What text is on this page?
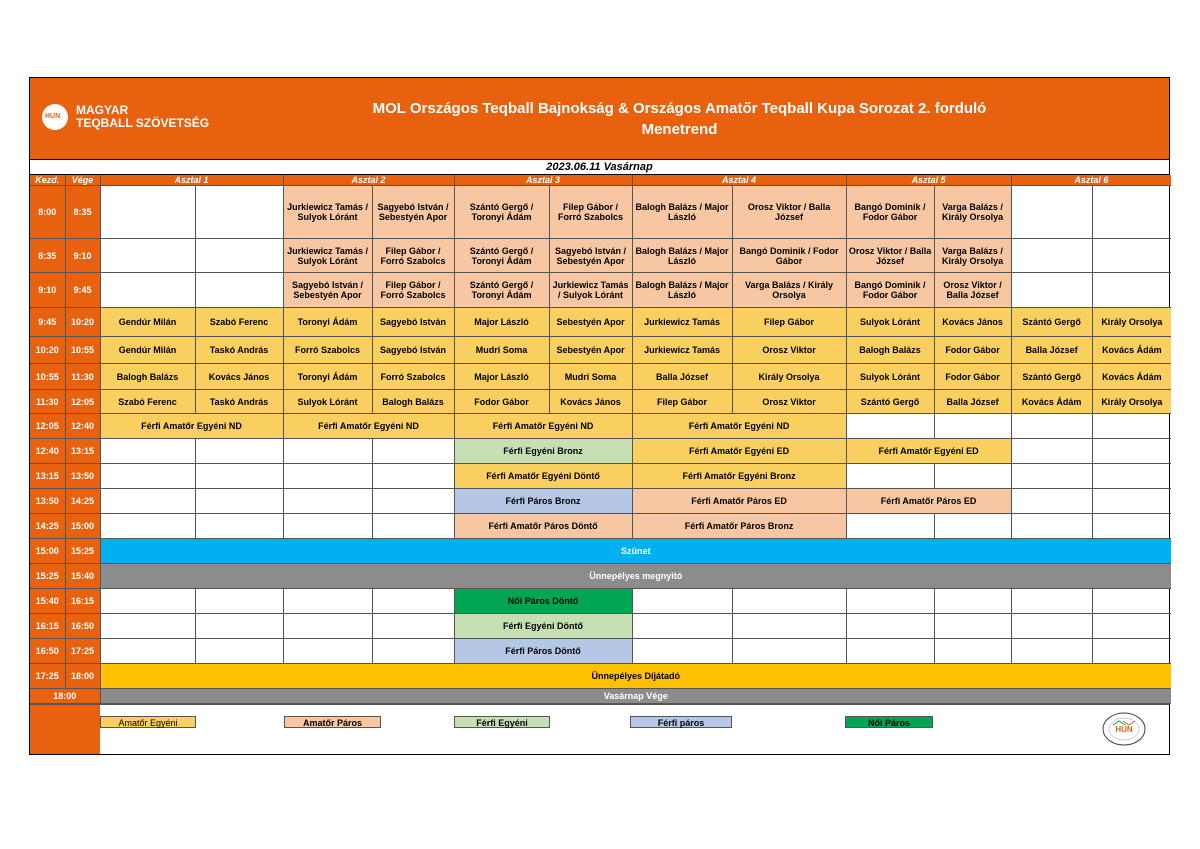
HUN MAGYAR
TEQBALL SZÖVETSÉG
MOL Országos Teqball Bajnokság & Országos Amatőr Teqball Kupa Sorozat 2. forduló
Menetrend
2023.06.11 Vasárnap
Kezd.	Vége	Asztal 1		Asztal 2		Asztal 3		Asztal 4		Asztal 5		Asztal 6	
8:00	8:35			Jurkiewicz Tamás / Sulyok Lóránt	Sagyebó István / Sebestyén Apor	Szántó Gergő / Toronyi Ádám	Filep Gábor / Forró Szabolcs	Balogh Balázs / Major László	Orosz Viktor / Balla József	Bangó Dominik / Fodor Gábor	Varga Balázs / Király Orsolya		
8:35	9:10			Jurkiewicz Tamás / Sulyok Lóránt	Filep Gábor / Forró Szabolcs	Szántó Gergő / Toronyi Ádám	Sagyebó István / Sebestyén Apor	Balogh Balázs / Major László	Bangó Dominik / Fodor Gábor	Orosz Viktor / Balla József	Varga Balázs / Király Orsolya		
9:10	9:45			Sagyebó István / Sebestyén Apor	Filep Gábor / Forró Szabolcs	Szántó Gergő / Toronyi Ádám	Jurkiewicz Tamás / Sulyok Lóránt	Balogh Balázs / Major László	Varga Balázs / Király Orsolya	Bangó Dominik / Fodor Gábor	Orosz Viktor / Balla József		
9:45	10:20	Gendúr Milán	Szabó Ferenc	Toronyi Ádám	Sagyebó István	Major László	Sebestyén Apor	Jurkiewicz Tamás	Filep Gábor	Sulyok Lóránt	Kovács János	Szántó Gergő	Király Orsolya
10:20	10:55	Gendúr Milán	Taskó András	Forró Szabolcs	Sagyebó István	Mudri Soma	Sebestyén Apor	Jurkiewicz Tamás	Orosz Viktor	Balogh Balázs	Fodor Gábor	Balla József	Kovács Ádám
10:55	11:30	Balogh Balázs	Kovács János	Toronyi Ádám	Forró Szabolcs	Major László	Mudri Soma	Balla József	Király Orsolya	Sulyok Lóránt	Fodor Gábor	Szántó Gergő	Kovács Ádám
11:30	12:05	Szabó Ferenc	Taskó András	Sulyok Lóránt	Balogh Balázs	Fodor Gábor	Kovács János	Filep Gábor	Orosz Viktor	Szántó Gergő	Balla József	Kovács Ádám	Király Orsolya
12:05	12:40	Férfi Amatőr Egyéni ND		Férfi Amatőr Egyéni ND		Férfi Amatőr Egyéni ND		Férfi Amatőr Egyéni ND					
12:40	13:15					Férfi Egyéni Bronz		Férfi Amatőr Egyéni ED		Férfi Amatőr Egyéni ED			
13:15	13:50					Férfi Amatőr Egyéni Döntő		Férfi Amatőr Egyéni Bronz					
13:50	14:25					Férfi Páros Bronz		Férfi Amatőr Páros ED		Férfi Amatőr Páros ED			
14:25	15:00					Férfi Amatőr Páros Döntő		Férfi Amatőr Páros Bronz					
15:00	15:25	Szünet											
15:25	15:40	Ünnepélyes megnyitó											
15:40	16:15					Női Páros Döntő							
16:15	16:50					Férfi Egyéni Döntő							
16:50	17:25					Férfi Páros Döntő							
17:25	18:00	Ünnepélyes Díjátadó											
18:00		Vasárnap Vége											
Amatőr Egyéni	Amatőr Páros	Férfi Egyéni	Férfi páros	Női Páros
HUN
